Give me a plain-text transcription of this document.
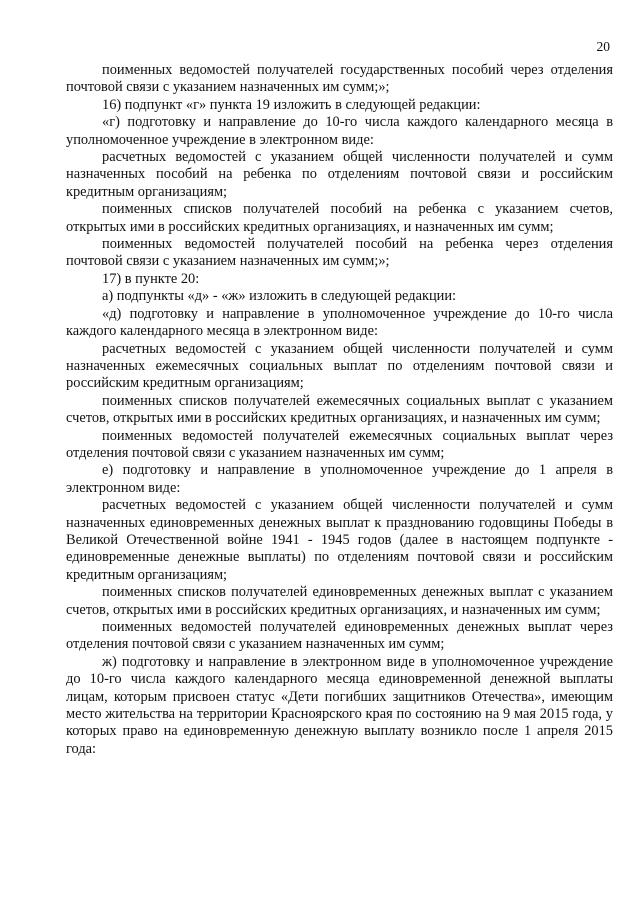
20

поименных ведомостей получателей государственных пособий через отделения почтовой связи с указанием назначенных им сумм;»;

16) подпункт «г» пункта 19 изложить в следующей редакции:

«г) подготовку и направление до 10-го числа каждого календарного месяца в уполномоченное учреждение в электронном виде:

расчетных ведомостей с указанием общей численности получателей и сумм назначенных пособий на ребенка по отделениям почтовой связи и российским кредитным организациям;

поименных списков получателей пособий на ребенка с указанием счетов, открытых ими в российских кредитных организациях, и назначенных им сумм;

поименных ведомостей получателей пособий на ребенка через отделения почтовой связи с указанием назначенных им сумм;»;

17) в пункте 20:

а) подпункты «д» - «ж» изложить в следующей редакции:

«д) подготовку и направление в уполномоченное учреждение до 10-го числа каждого календарного месяца в электронном виде:

расчетных ведомостей с указанием общей численности получателей и сумм назначенных ежемесячных социальных выплат по отделениям почтовой связи и российским кредитным организациям;

поименных списков получателей ежемесячных социальных выплат с указанием счетов, открытых ими в российских кредитных организациях, и назначенных им сумм;

поименных ведомостей получателей ежемесячных социальных выплат через отделения почтовой связи с указанием назначенных им сумм;

е) подготовку и направление в уполномоченное учреждение до 1 апреля в электронном виде:

расчетных ведомостей с указанием общей численности получателей и сумм назначенных единовременных денежных выплат к празднованию годовщины Победы в Великой Отечественной войне 1941 - 1945 годов (далее в настоящем подпункте - единовременные денежные выплаты) по отделениям почтовой связи и российским кредитным организациям;

поименных списков получателей единовременных денежных выплат с указанием счетов, открытых ими в российских кредитных организациях, и назначенных им сумм;

поименных ведомостей получателей единовременных денежных выплат через отделения почтовой связи с указанием назначенных им сумм;

ж) подготовку и направление в электронном виде в уполномоченное учреждение до 10-го числа каждого календарного месяца единовременной денежной выплаты лицам, которым присвоен статус «Дети погибших защитников Отечества», имеющим место жительства на территории Красноярского края по состоянию на 9 мая 2015 года, у которых право на единовременную денежную выплату возникло после 1 апреля 2015 года:
